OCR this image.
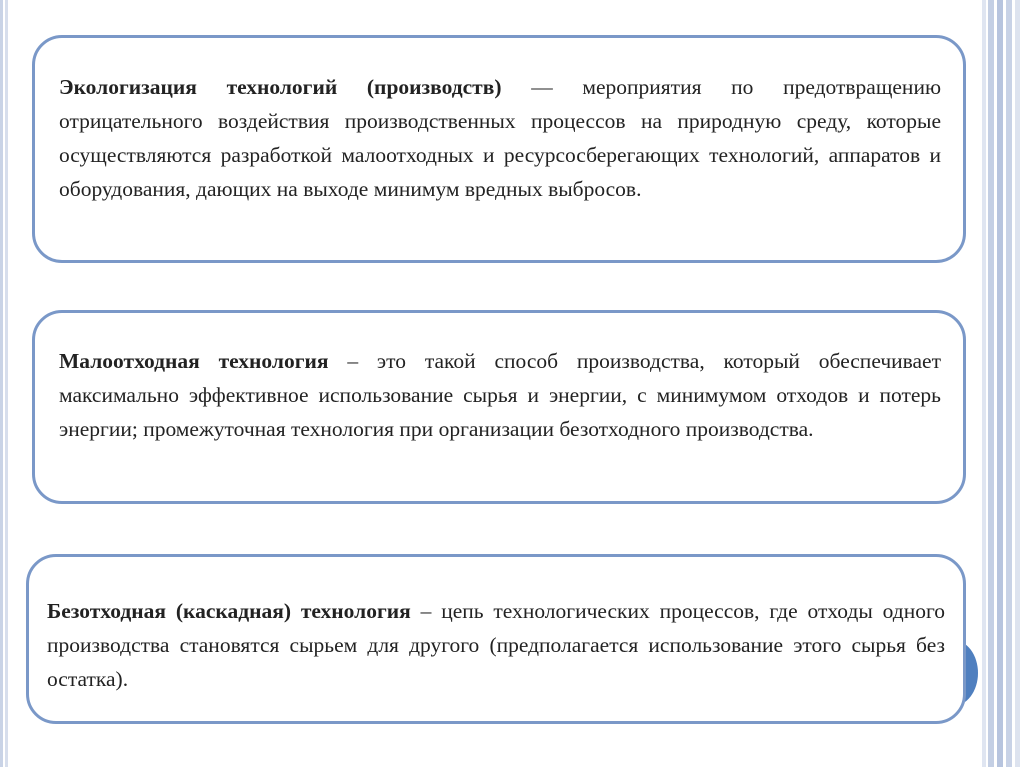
Экологизация технологий (производств) — мероприятия по предотвращению отрицательного воздействия производственных процессов на природную среду, которые осуществляются разработкой малоотходных и ресурсосберегающих технологий, аппаратов и оборудования, дающих на выходе минимум вредных выбросов.

Малоотходная технология – это такой способ производства, который обеспечивает максимально эффективное использование сырья и энергии, с минимумом отходов и потерь энергии; промежуточная технология при организации безотходного производства.

Безотходная (каскадная) технология – цепь технологических процессов, где отходы одного производства становятся сырьем для другого (предполагается использование этого сырья без остатка).
